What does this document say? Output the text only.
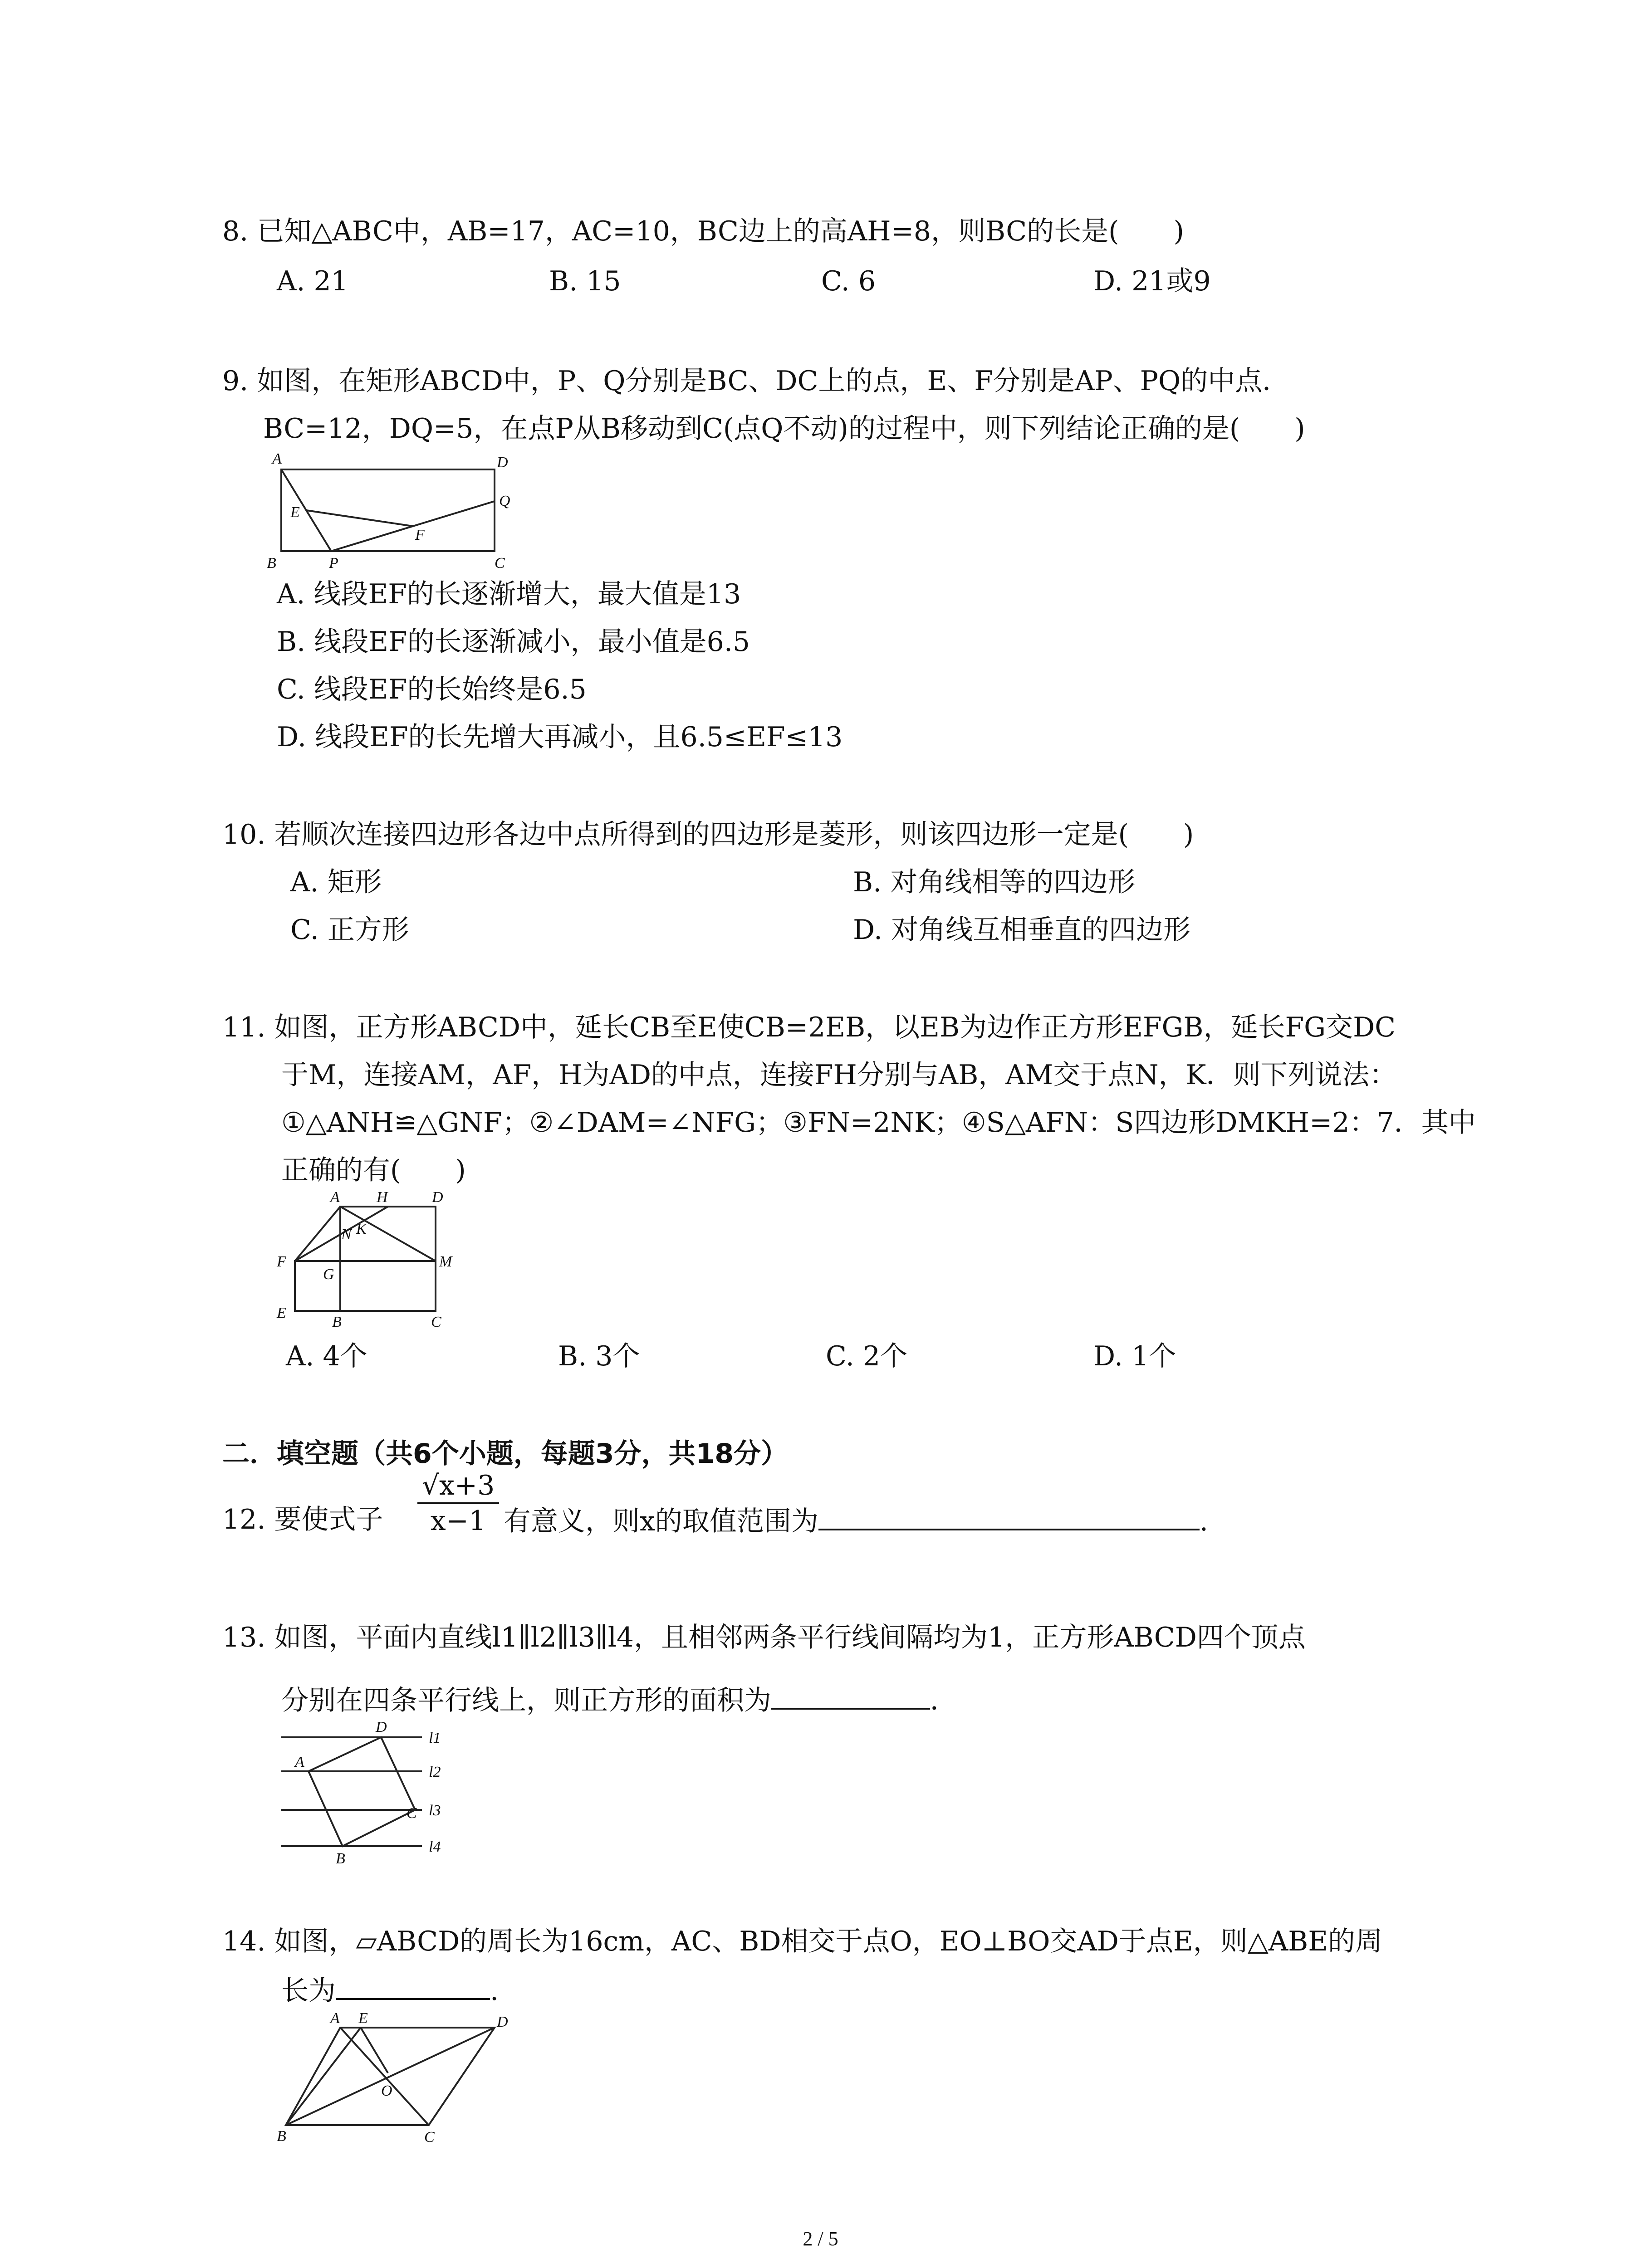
8. 已知△ABC中，AB=17，AC=10，BC边上的高AH=8，则BC的长是(　　)
A. 21	B. 15	C. 6	D. 21或9
9. 如图，在矩形ABCD中，P、Q分别是BC、DC上的点，E、F分别是AP、PQ的中点．
BC=12，DQ=5，在点P从B移动到C(点Q不动)的过程中，则下列结论正确的是(　　)
A	D
Q
E
F
B	P	C
A. 线段EF的长逐渐增大，最大值是13
B. 线段EF的长逐渐减小，最小值是6.5
C. 线段EF的长始终是6.5
D. 线段EF的长先增大再减小，且6.5≤EF≤13
10. 若顺次连接四边形各边中点所得到的四边形是菱形，则该四边形一定是(　　)
A. 矩形	B. 对角线相等的四边形
C. 正方形	D. 对角线互相垂直的四边形
11. 如图，正方形ABCD中，延长CB至E使CB=2EB，以EB为边作正方形EFGB，延长FG交DC
于M，连接AM，AF，H为AD的中点，连接FH分别与AB，AM交于点N，K．则下列说法：
①△ANH≌△GNF；②∠DAM=∠NFG；③FN=2NK；④S△AFN：S四边形DMKH=2：7．其中
正确的有(　　)
A H	D
N K
F
G
M
E
B	C
A. 4个	B. 3个	C. 2个	D. 1个
二．填空题（共6个小题，每题3分，共18分）
12. 要使式子
√x+3
x−1 有意义，则x的取值范围为	.
13. 如图，平面内直线l1∥l2∥l3∥l4，且相邻两条平行线间隔均为1，正方形ABCD四个顶点
分别在四条平行线上，则正方形的面积为	．
D
A
C
B
l1
l2
l3
l4
14. 如图，▱ABCD的周长为16cm，AC、BD相交于点O，EO⊥BO交AD于点E，则△ABE的周
长为	.
A E	D
O
B	C
2 / 5
